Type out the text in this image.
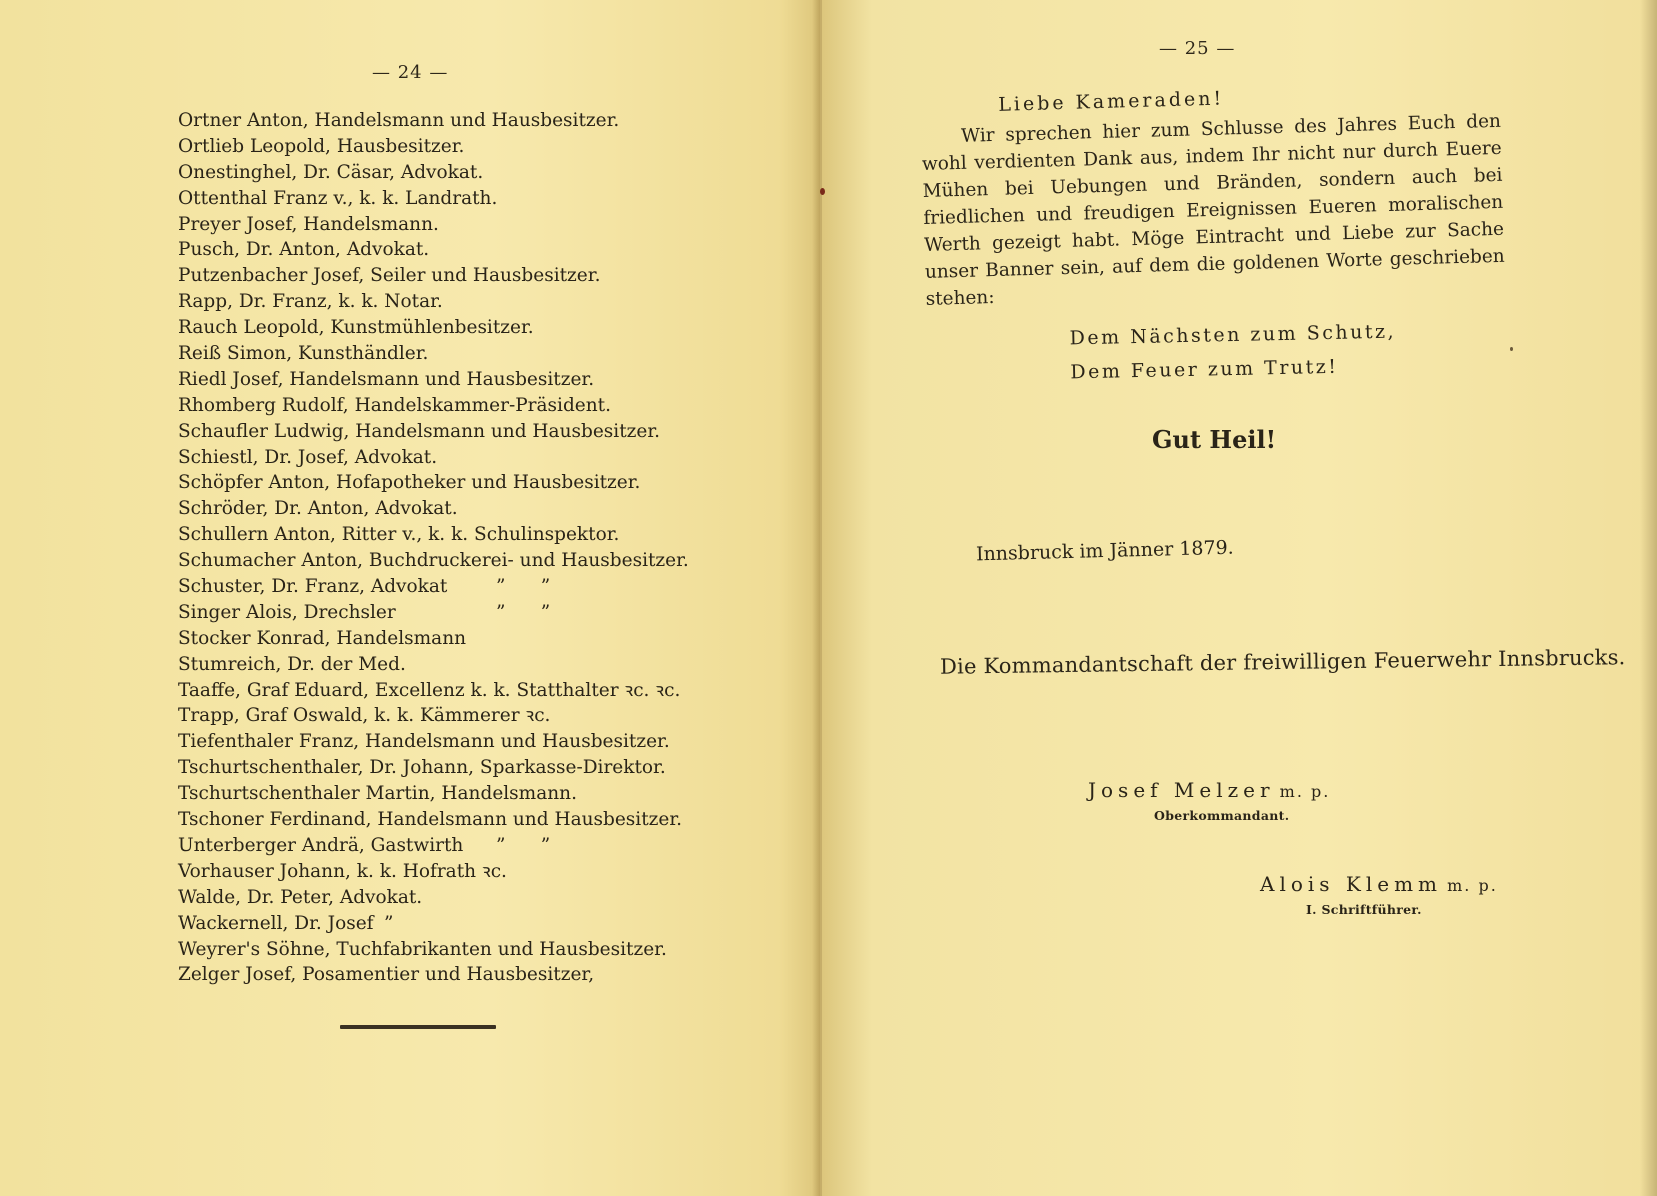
— 24 —
Ortner Anton, Handelsmann und Hausbesitzer.
Ortlieb Leopold, Hausbesitzer.
Onestinghel, Dr. Cäsar, Advokat.
Ottenthal Franz v., k. k. Landrath.
Preyer Josef, Handelsmann.
Pusch, Dr. Anton, Advokat.
Putzenbacher Josef, Seiler und Hausbesitzer.
Rapp, Dr. Franz, k. k. Notar.
Rauch Leopold, Kunstmühlenbesitzer.
Reiß Simon, Kunsthändler.
Riedl Josef, Handelsmann und Hausbesitzer.
Rhomberg Rudolf, Handelskammer-Präsident.
Schaufler Ludwig, Handelsmann und Hausbesitzer.
Schiestl, Dr. Josef, Advokat.
Schöpfer Anton, Hofapotheker und Hausbesitzer.
Schröder, Dr. Anton, Advokat.
Schullern Anton, Ritter v., k. k. Schulinspektor.
Schumacher Anton, Buchdruckerei- und Hausbesitzer.
Schuster, Dr. Franz, Advokat	”      ”
Singer Alois, Drechsler	”      ”
Stocker Konrad, Handelsmann
Stumreich, Dr. der Med.
Taaffe, Graf Eduard, Excellenz k. k. Statthalter ꝛc. ꝛc.
Trapp, Graf Oswald, k. k. Kämmerer ꝛc.
Tiefenthaler Franz, Handelsmann und Hausbesitzer.
Tschurtschenthaler, Dr. Johann, Sparkasse-Direktor.
Tschurtschenthaler Martin, Handelsmann.
Tschoner Ferdinand, Handelsmann und Hausbesitzer.
Unterberger Andrä, Gastwirth ”      ”
Vorhauser Johann, k. k. Hofrath ꝛc.
Walde, Dr. Peter, Advokat.
Wackernell, Dr. Josef ”
Weyrer's Söhne, Tuchfabrikanten und Hausbesitzer.
Zelger Josef, Posamentier und Hausbesitzer,
— 25 —
Liebe Kameraden!

Wir sprechen hier zum Schlusse des Jahres Euch den wohl verdienten Dank aus, indem Ihr nicht nur durch Euere Mühen bei Uebungen und Bränden, sondern auch bei friedlichen und freudigen Ereignissen Eueren moralischen Werth gezeigt habt. Möge Eintracht und Liebe zur Sache unser Banner sein, auf dem die goldenen Worte geschrieben stehen:

Dem Nächsten zum Schutz,
Dem Feuer zum Trutz!
Gut Heil!
Innsbruck im Jänner 1879.
Die Kommandantschaft der freiwilligen Feuerwehr Innsbrucks.
Josef Melzer m. p.
Oberkommandant.
Alois Klemm m. p.
I. Schriftführer.
